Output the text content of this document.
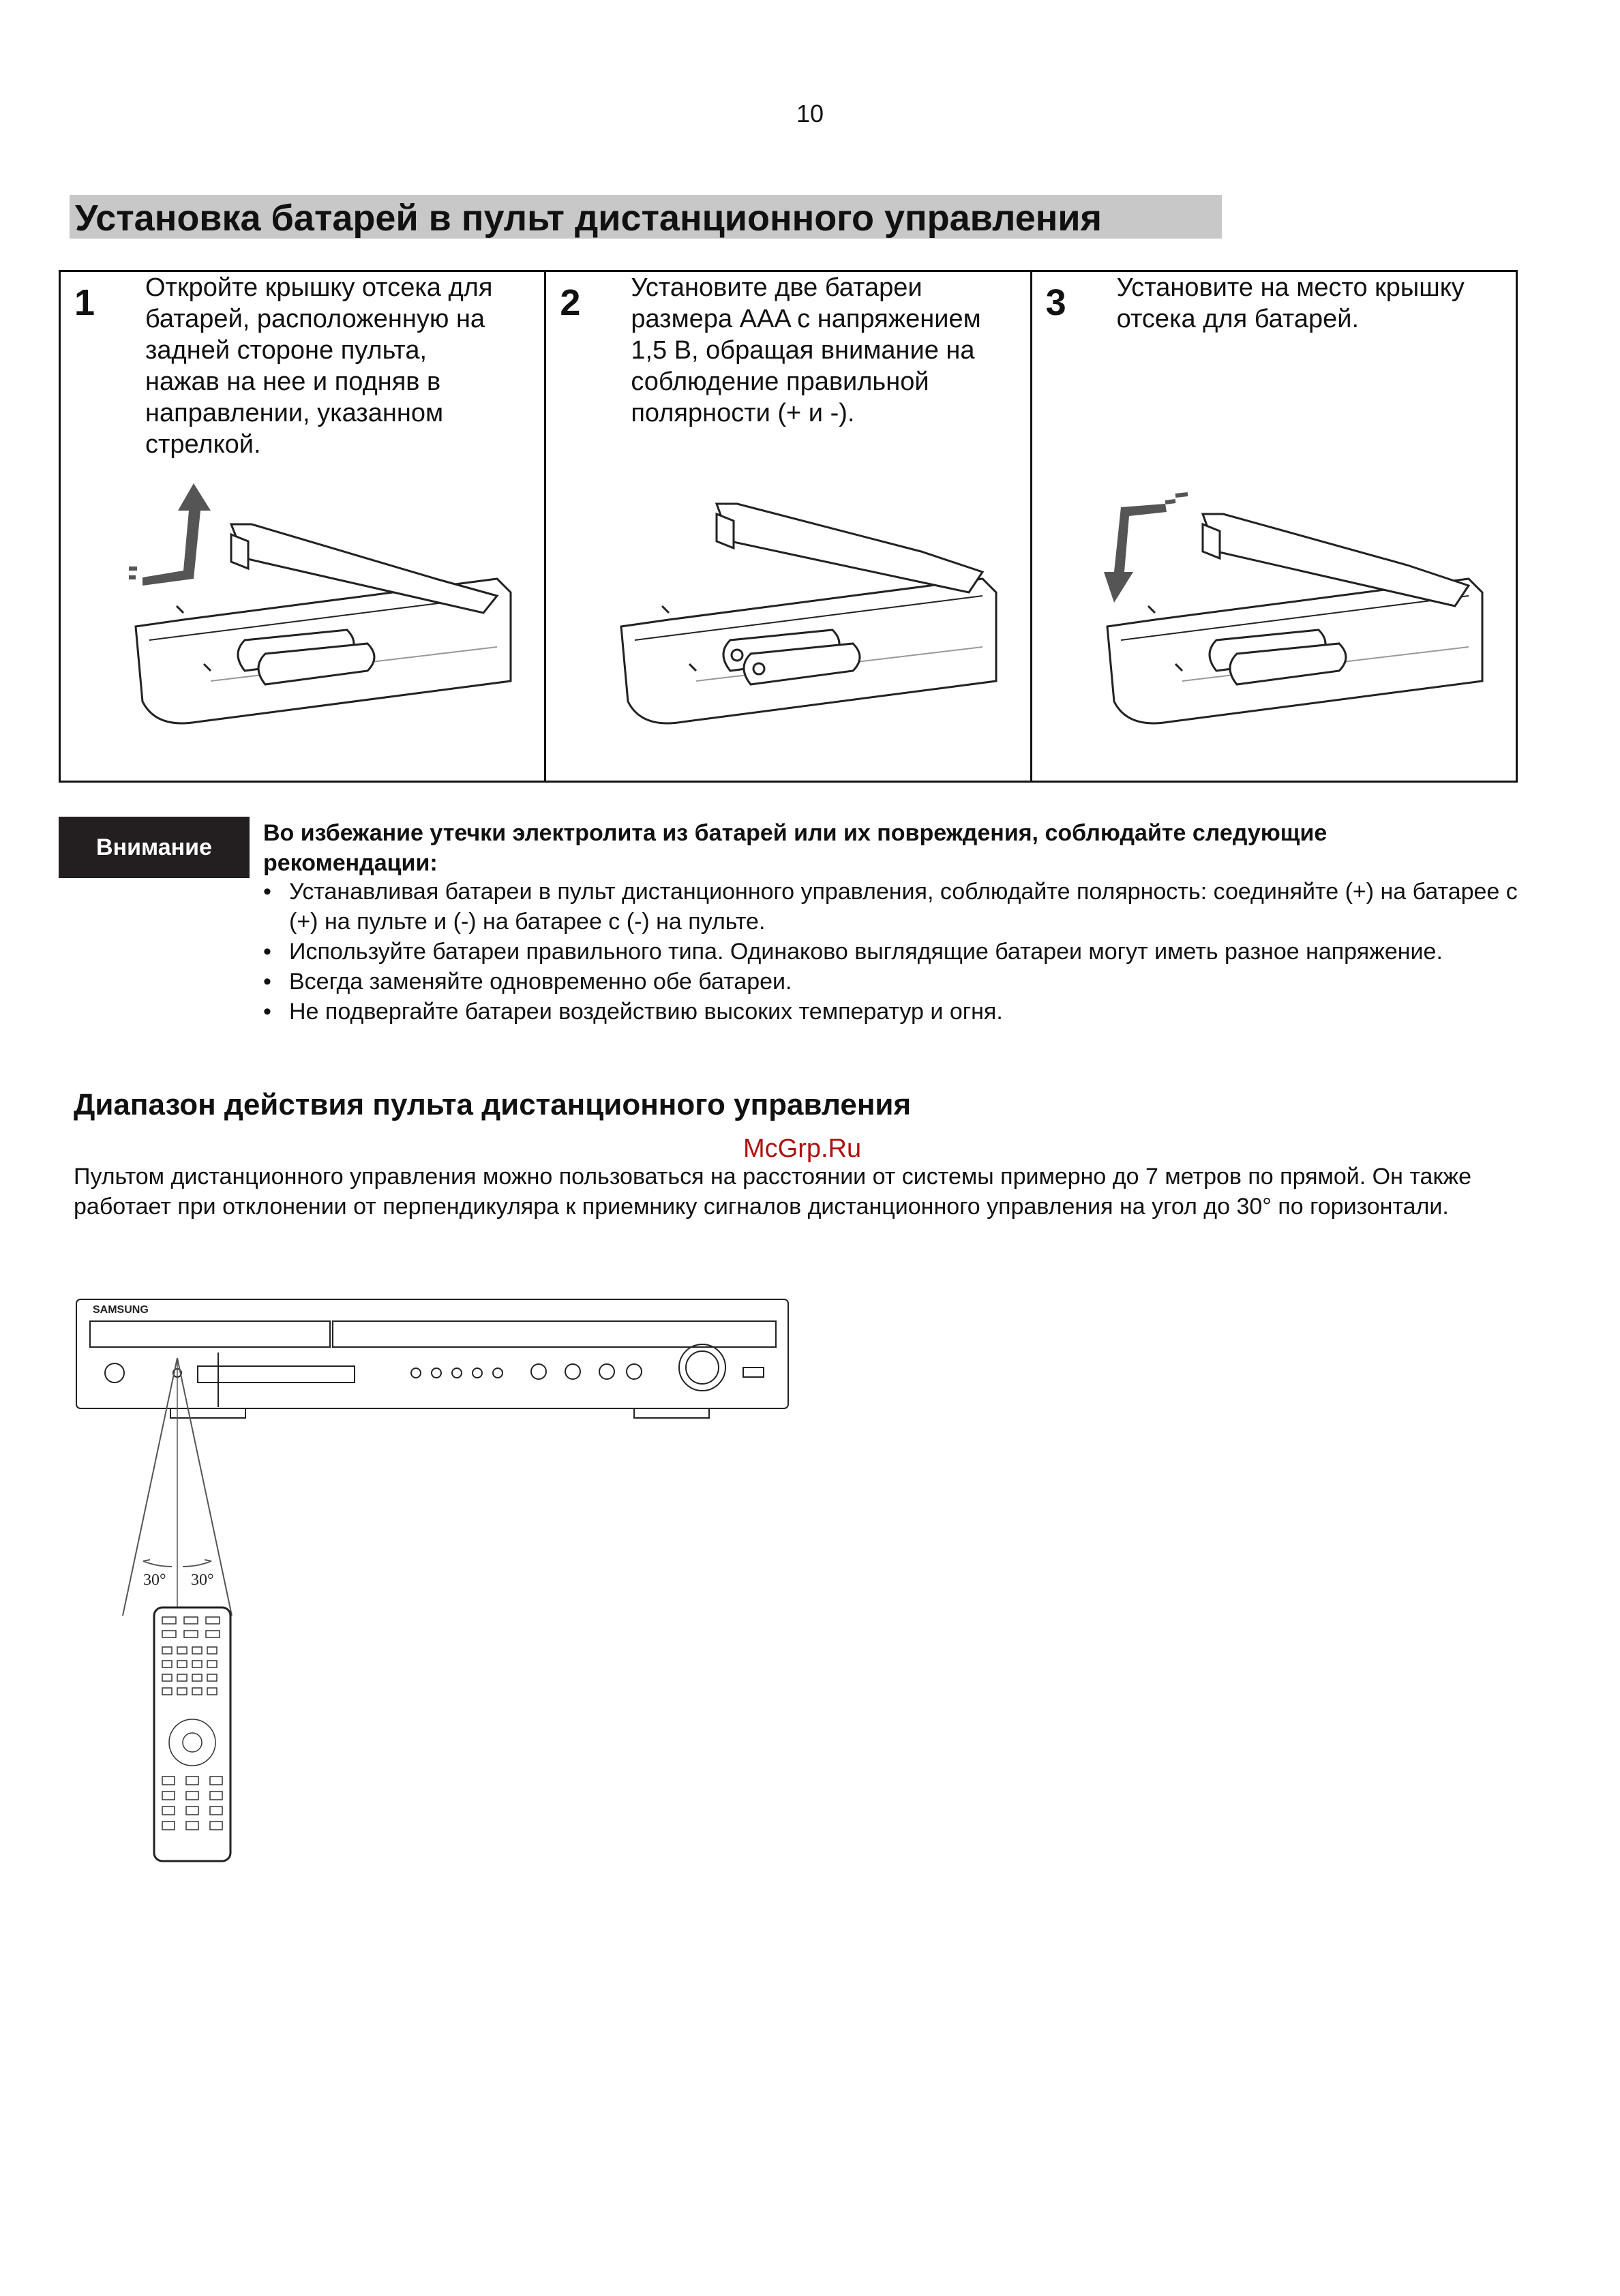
10
Установка батарей в пульт дистанционного управления
1 Откройте крышку отсека для
батарей, расположенную на
задней стороне пульта,
нажав на нее и подняв в
направлении, указанном
стрелкой.
2 Установите две батареи
размера AAA с напряжением
1,5 В, обращая внимание на
соблюдение правильной
полярности (+ и -).
3 Установите на место крышку
отсека для батарей.
Внимание
Во избежание утечки электролита из батарей или их повреждения, соблюдайте следующие рекомендации:
• Устанавливая батареи в пульт дистанционного управления, соблюдайте полярность: соединяйте (+) на батарее с (+) на пульте и (-) на батарее с (-) на пульте.
• Используйте батареи правильного типа. Одинаково выглядящие батареи могут иметь разное напряжение.
• Всегда заменяйте одновременно обе батареи.
• Не подвергайте батареи воздействию высоких температур и огня.
Диапазон действия пульта дистанционного управления
McGrp.Ru
Пультом дистанционного управления можно пользоваться на расстоянии от системы примерно до 7 метров по прямой. Он также работает при отклонении от перпендикуляра к приемнику сигналов дистанционного управления на угол до 30° по горизонтали.
SAMSUNG
30° 30°
